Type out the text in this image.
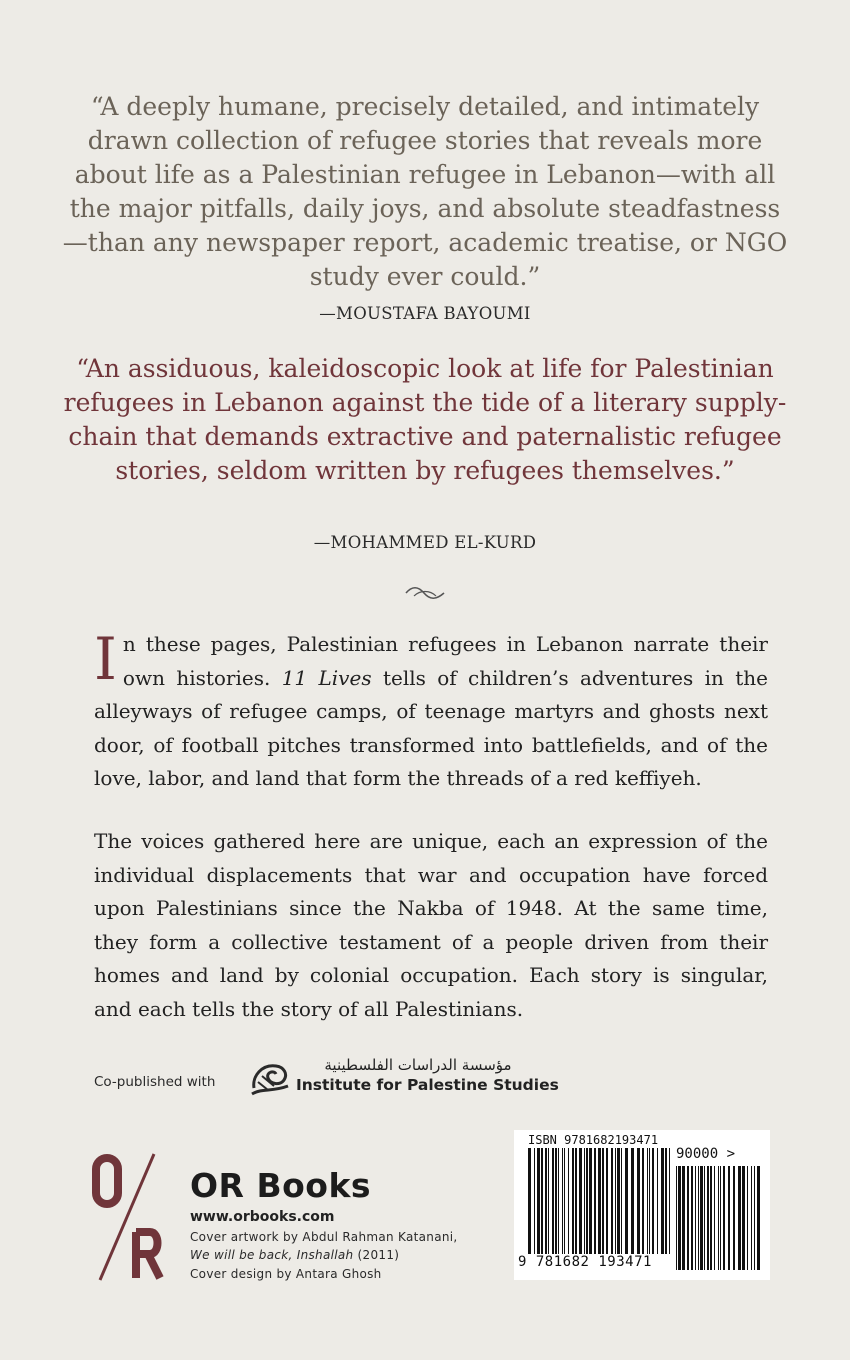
“A deeply humane, precisely detailed, and intimately drawn collection of refugee stories that reveals more about life as a Palestinian refugee in Lebanon—with all the major pitfalls, daily joys, and absolute steadfastness—than any newspaper report, academic treatise, or NGO study ever could.”
—MOUSTAFA BAYOUMI
“An assiduous, kaleidoscopic look at life for Palestinian refugees in Lebanon against the tide of a literary supply-chain that demands extractive and paternalistic refugee stories, seldom written by refugees themselves.”
—MOHAMMED EL-KURD
In these pages, Palestinian refugees in Lebanon narrate their own histories. 11 Lives tells of children’s adventures in the alleyways of refugee camps, of teenage martyrs and ghosts next door, of football pitches transformed into battlefields, and of the love, labor, and land that form the threads of a red keffiyeh.
The voices gathered here are unique, each an expression of the individual displacements that war and occupation have forced upon Palestinians since the Nakba of 1948. At the same time, they form a collective testament of a people driven from their homes and land by colonial occupation. Each story is singular, and each tells the story of all Palestinians.
Co-published with
مؤسسة الدراسات الفلسطينية
Institute for Palestine Studies
OR Books
www.orbooks.com
Cover artwork by Abdul Rahman Katanani,
We will be back, Inshallah (2011)
Cover design by Antara Ghosh
ISBN 9781682193471
90000 >
9 781682 193471
